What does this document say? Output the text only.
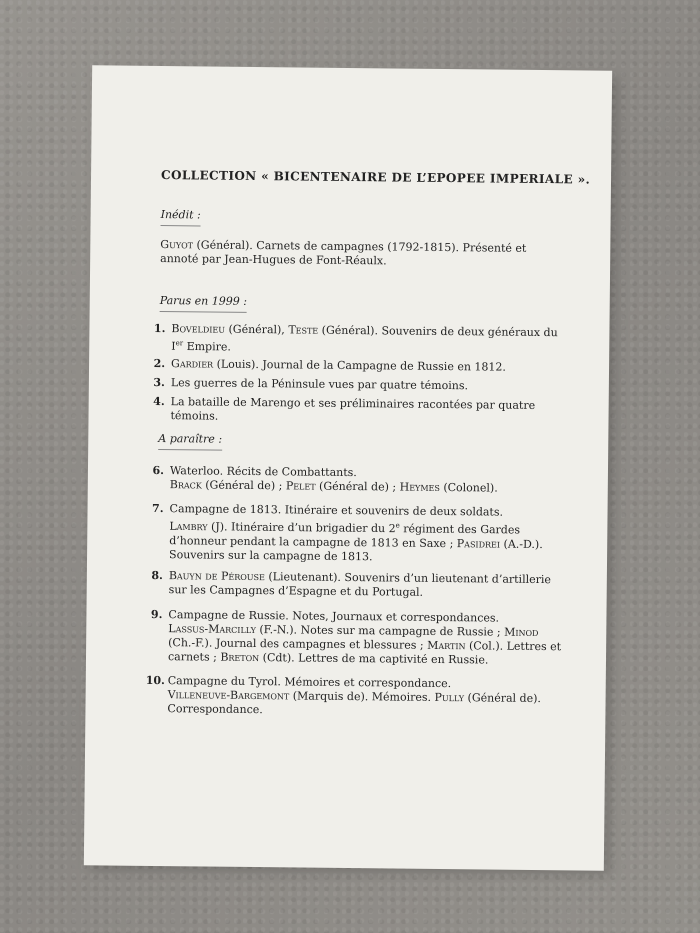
COLLECTION « BICENTENAIRE DE L’EPOPEE IMPERIALE ».
Inédit :
Guyot (Général). Carnets de campagnes (1792-1815). Présenté et annoté par Jean-Hugues de Font-Réaulx.
Parus en 1999 :
1. Boveldieu (Général), Teste (Général). Souvenirs de deux généraux du Ier Empire.
2. Gardier (Louis). Journal de la Campagne de Russie en 1812.
3. Les guerres de la Péninsule vues par quatre témoins.
4. La bataille de Marengo et ses préliminaires racontées par quatre témoins.
A paraître :
6. Waterloo. Récits de Combattants.
Brack (Général de) ; Pelet (Général de) ; Heymes (Colonel).
7. Campagne de 1813. Itinéraire et souvenirs de deux soldats.
Lambry (J). Itinéraire d’un brigadier du 2e régiment des Gardes d’honneur pendant la campagne de 1813 en Saxe ; Pasidrei (A.-D.). Souvenirs sur la campagne de 1813.
8. Bauyn de Pérouse (Lieutenant). Souvenirs d’un lieutenant d’artillerie sur les Campagnes d’Espagne et du Portugal.
9. Campagne de Russie. Notes, Journaux et correspondances.
Lassus-Marcilly (F.-N.). Notes sur ma campagne de Russie ; Minod (Ch.-F.). Journal des campagnes et blessures ; Martin (Col.). Lettres et carnets ; Breton (Cdt). Lettres de ma captivité en Russie.
10. Campagne du Tyrol. Mémoires et correspondance.
Villeneuve-Bargemont (Marquis de). Mémoires. Pully (Général de). Correspondance.
